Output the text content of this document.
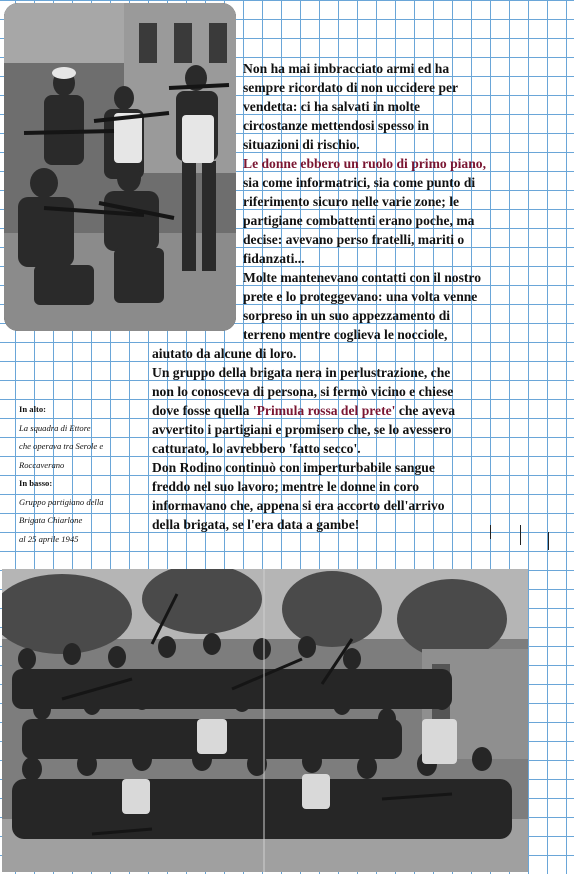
Non ha mai imbracciato armi ed ha
sempre ricordato di non uccidere per
vendetta: ci ha salvati in molte
circostanze mettendosi spesso in
situazioni di rischio.
Le donne ebbero un ruolo di primo piano,
sia come informatrici, sia come punto di
riferimento sicuro nelle varie zone; le
partigiane combattenti erano poche, ma
decise: avevano perso fratelli, mariti o
fidanzati...
Molte mantenevano contatti con il nostro
prete e lo proteggevano: una volta venne
sorpreso in un suo appezzamento di
terreno mentre coglieva le nocciole,
aiutato da alcune di loro.
Un gruppo della brigata nera in perlustrazione, che
non lo conosceva di persona, si fermò vicino e chiese
dove fosse quella 'Primula rossa del prete' che aveva
avvertito i partigiani e promisero che, se lo avessero
catturato, lo avrebbero 'fatto secco'.
Don Rodino continuò con imperturbabile sangue
freddo nel suo lavoro; mentre le donne in coro
informavano che, appena si era accorto dell'arrivo
della brigata, se l'era data a gambe!
In alto:
La squadra di Ettore
che operava tra Serole e
Roccaverano
In basso:
Gruppo partigiano della
Brigata Chiarlone
al 25 aprile 1945
